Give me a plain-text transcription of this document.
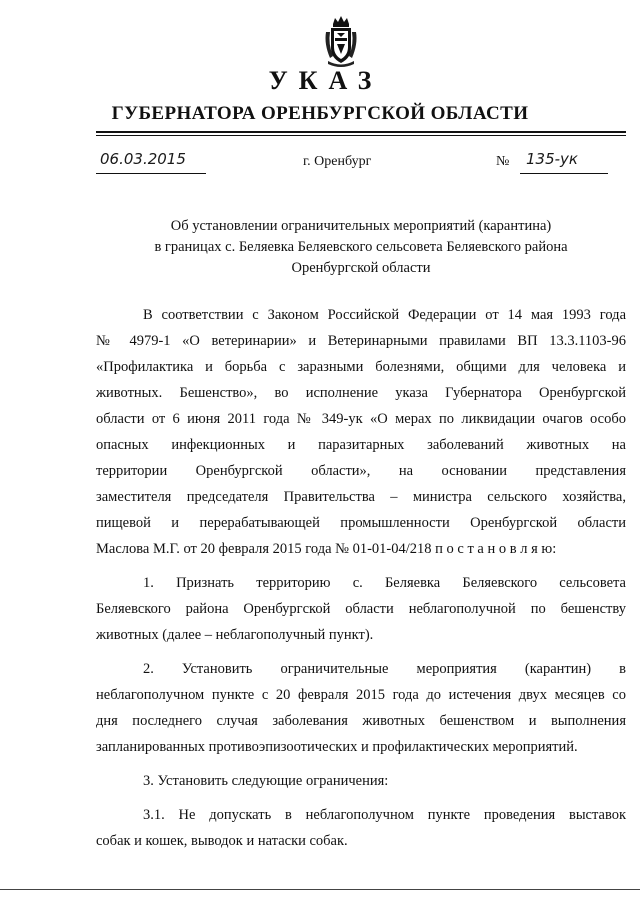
УКАЗ
ГУБЕРНАТОРА ОРЕНБУРГСКОЙ ОБЛАСТИ
06.03.2015	г. Оренбург	№ 135-ук
Об установлении ограничительных мероприятий (карантина)
в границах с. Беляевка Беляевского сельсовета Беляевского района
Оренбургской области
В соответствии с Законом Российской Федерации от 14 мая 1993 года
№ 4979-1 «О ветеринарии» и Ветеринарными правилами ВП 13.3.1103-96
«Профилактика и борьба с заразными болезнями, общими для человека и
животных. Бешенство», во исполнение указа Губернатора Оренбургской
области от 6 июня 2011 года № 349-ук «О мерах по ликвидации очагов особо
опасных инфекционных и паразитарных заболеваний животных на
территории Оренбургской области», на основании представления
заместителя председателя Правительства – министра сельского хозяйства,
пищевой и перерабатывающей промышленности Оренбургской области
Маслова М.Г. от 20 февраля 2015 года № 01-01-04/218 п о с т а н о в л я ю:
1. Признать территорию с. Беляевка Беляевского сельсовета
Беляевского района Оренбургской области неблагополучной по бешенству
животных (далее – неблагополучный пункт).
2. Установить ограничительные мероприятия (карантин) в
неблагополучном пункте с 20 февраля 2015 года до истечения двух месяцев со
дня последнего случая заболевания животных бешенством и выполнения
запланированных противоэпизоотических и профилактических мероприятий.
3. Установить следующие ограничения:
3.1. Не допускать в неблагополучном пункте проведения выставок
собак и кошек, выводок и натаски собак.
